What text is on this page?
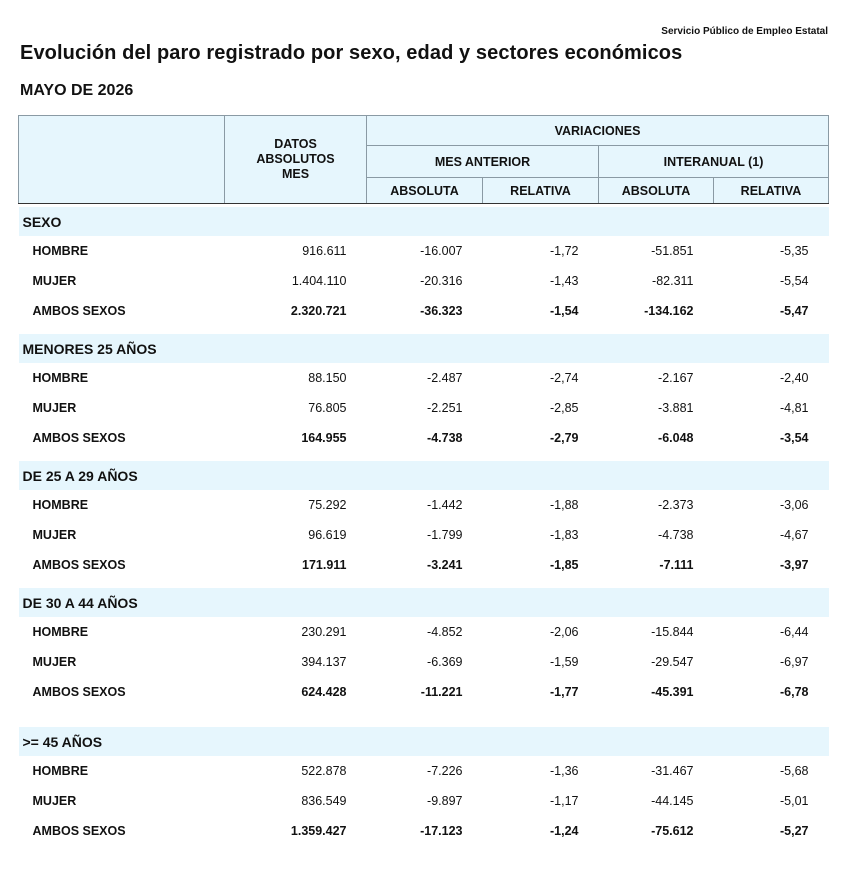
Servicio Público de Empleo Estatal
Evolución del paro registrado por sexo, edad y sectores económicos
MAYO DE 2026

	DATOS ABSOLUTOS MES	VARIACIONES			
		MES ANTERIOR		INTERANUAL (1)	
		ABSOLUTA	RELATIVA	ABSOLUTA	RELATIVA

SEXO					
HOMBRE	916.611	-16.007	-1,72	-51.851	-5,35
MUJER	1.404.110	-20.316	-1,43	-82.311	-5,54
AMBOS SEXOS	2.320.721	-36.323	-1,54	-134.162	-5,47

MENORES 25 AÑOS					
HOMBRE	88.150	-2.487	-2,74	-2.167	-2,40
MUJER	76.805	-2.251	-2,85	-3.881	-4,81
AMBOS SEXOS	164.955	-4.738	-2,79	-6.048	-3,54

DE 25 A 29 AÑOS					
HOMBRE	75.292	-1.442	-1,88	-2.373	-3,06
MUJER	96.619	-1.799	-1,83	-4.738	-4,67
AMBOS SEXOS	171.911	-3.241	-1,85	-7.111	-3,97

DE 30 A 44 AÑOS					
HOMBRE	230.291	-4.852	-2,06	-15.844	-6,44
MUJER	394.137	-6.369	-1,59	-29.547	-6,97
AMBOS SEXOS	624.428	-11.221	-1,77	-45.391	-6,78

>= 45 AÑOS					
HOMBRE	522.878	-7.226	-1,36	-31.467	-5,68
MUJER	836.549	-9.897	-1,17	-44.145	-5,01
AMBOS SEXOS	1.359.427	-17.123	-1,24	-75.612	-5,27
